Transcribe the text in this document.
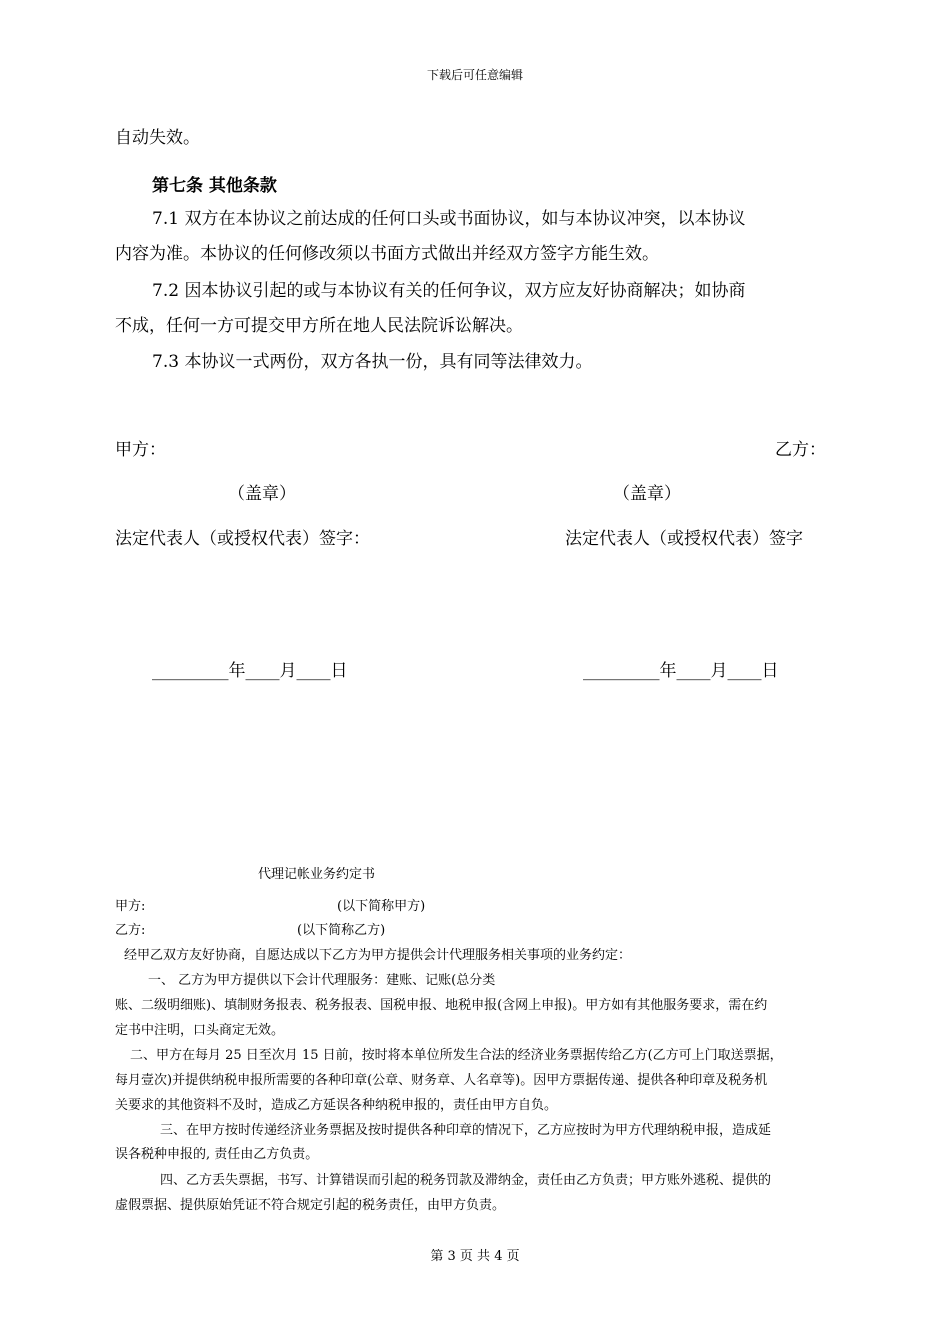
下载后可任意编辑
自动失效。
第七条 其他条款
7.1 双方在本协议之前达成的任何口头或书面协议，如与本协议冲突，以本协议
内容为准。本协议的任何修改须以书面方式做出并经双方签字方能生效。
7.2 因本协议引起的或与本协议有关的任何争议，双方应友好协商解决；如协商
不成，任何一方可提交甲方所在地人民法院诉讼解决。
7.3 本协议一式两份，双方各执一份，具有同等法律效力。
甲方：	乙方：
（盖章）	（盖章）
法定代表人（或授权代表）签字：	法定代表人（或授权代表）签字
_________年____月____日	_________年____月____日
代理记帐业务约定书
甲方:	(以下简称甲方)
乙方:	(以下简称乙方)
经甲乙双方友好协商，自愿达成以下乙方为甲方提供会计代理服务相关事项的业务约定：
一、 乙方为甲方提供以下会计代理服务：建账、记账(总分类
账、二级明细账)、填制财务报表、税务报表、国税申报、地税申报(含网上申报)。甲方如有其他服务要求，需在约
定书中注明，口头商定无效。
二、甲方在每月 25 日至次月 15 日前，按时将本单位所发生合法的经济业务票据传给乙方(乙方可上门取送票据，
每月壹次)并提供纳税申报所需要的各种印章(公章、财务章、人名章等)。因甲方票据传递、提供各种印章及税务机
关要求的其他资料不及时，造成乙方延误各种纳税申报的，责任由甲方自负。
三、在甲方按时传递经济业务票据及按时提供各种印章的情况下，乙方应按时为甲方代理纳税申报，造成延
误各税种申报的, 责任由乙方负责。
四、乙方丢失票据，书写、计算错误而引起的税务罚款及滞纳金，责任由乙方负责；甲方账外逃税、提供的
虚假票据、提供原始凭证不符合规定引起的税务责任，由甲方负责。
第 3 页 共 4 页
